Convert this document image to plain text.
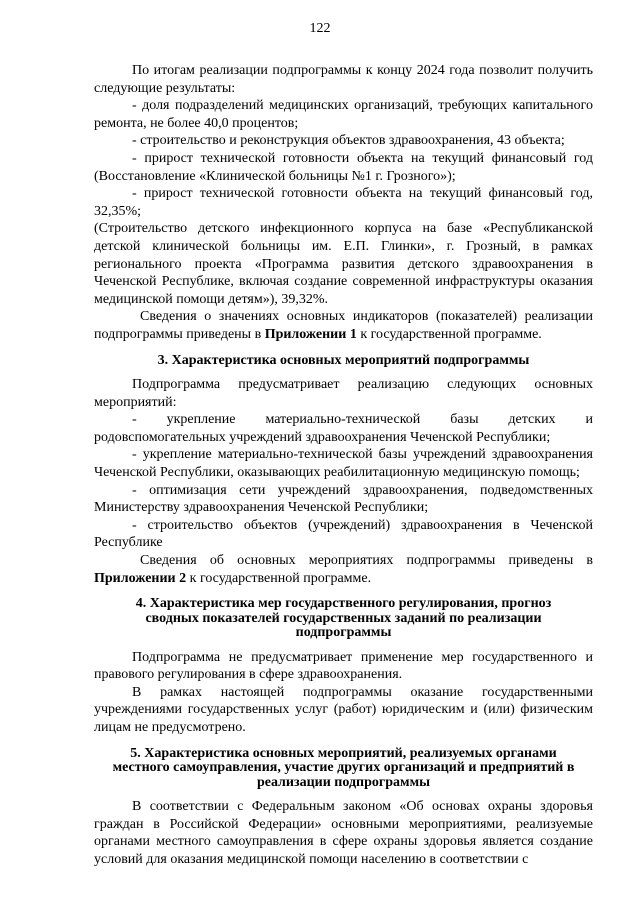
122

По итогам реализации подпрограммы к концу 2024 года позволит получить следующие результаты:

- доля подразделений медицинских организаций, требующих капитального ремонта, не более 40,0 процентов;

- строительство и реконструкция объектов здравоохранения, 43 объекта;

- прирост технической готовности объекта на текущий финансовый год (Восстановление «Клинической больницы №1 г. Грозного»);

- прирост технической готовности объекта на текущий финансовый год, 32,35%;

(Строительство детского инфекционного корпуса на базе «Республиканской детской клинической больницы им. Е.П. Глинки», г. Грозный, в рамках регионального проекта «Программа развития детского здравоохранения в Чеченской Республике, включая создание современной инфраструктуры оказания медицинской помощи детям»), 39,32%.

Сведения о значениях основных индикаторов (показателей) реализации подпрограммы приведены в Приложении 1 к государственной программе.

3. Характеристика основных мероприятий подпрограммы

Подпрограмма предусматривает реализацию следующих основных мероприятий:

- укрепление материально-технической базы детских и родовспомогательных учреждений здравоохранения Чеченской Республики;

- укрепление материально-технической базы учреждений здравоохранения Чеченской Республики, оказывающих реабилитационную медицинскую помощь;

- оптимизация сети учреждений здравоохранения, подведомственных Министерству здравоохранения Чеченской Республики;

- строительство объектов (учреждений) здравоохранения в Чеченской Республике

Сведения об основных мероприятиях подпрограммы приведены в Приложении 2 к государственной программе.

4. Характеристика мер государственного регулирования, прогноз
сводных показателей государственных заданий по реализации
подпрограммы

Подпрограмма не предусматривает применение мер государственного и правового регулирования в сфере здравоохранения.

В рамках настоящей подпрограммы оказание государственными учреждениями государственных услуг (работ) юридическим и (или) физическим лицам не предусмотрено.

5. Характеристика основных мероприятий, реализуемых органами
местного самоуправления, участие других организаций и предприятий в
реализации подпрограммы

В соответствии с Федеральным законом «Об основах охраны здоровья граждан в Российской Федерации» основными мероприятиями, реализуемые органами местного самоуправления в сфере охраны здоровья является создание условий для оказания медицинской помощи населению в соответствии с
